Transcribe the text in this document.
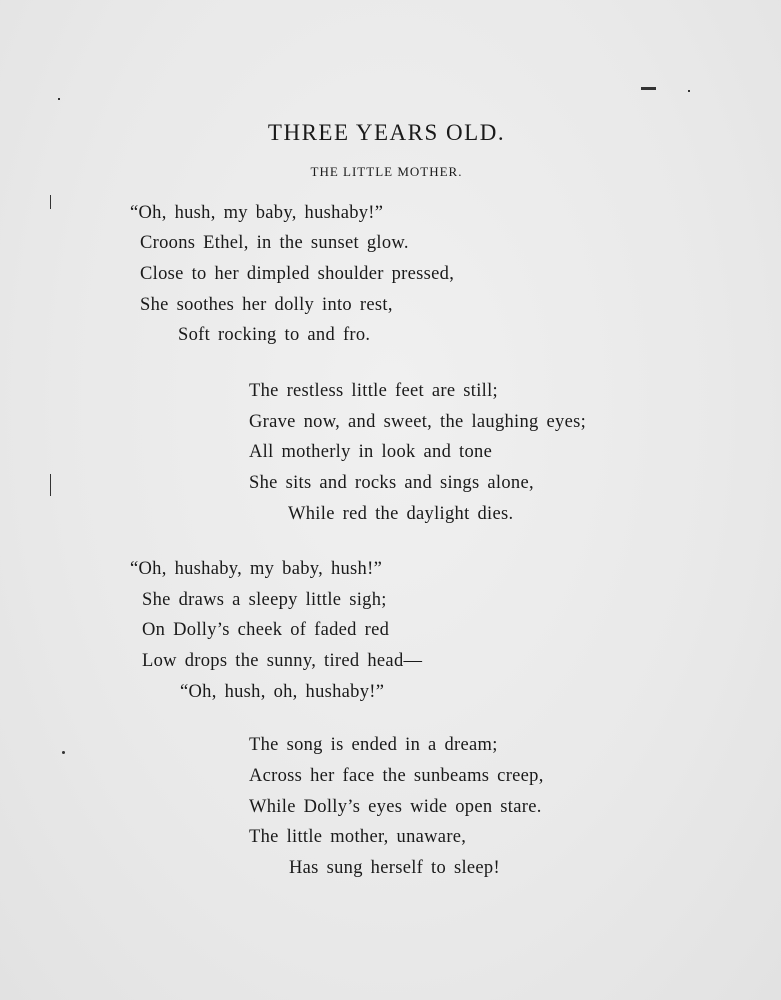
THREE YEARS OLD.
THE LITTLE MOTHER.
“Oh, hush, my baby, hushaby!”
Croons Ethel, in the sunset glow.
Close to her dimpled shoulder pressed,
She soothes her dolly into rest,
Soft rocking to and fro.
The restless little feet are still;
Grave now, and sweet, the laughing eyes;
All motherly in look and tone
She sits and rocks and sings alone,
While red the daylight dies.
“Oh, hushaby, my baby, hush!”
She draws a sleepy little sigh;
On Dolly’s cheek of faded red
Low drops the sunny, tired head—
“Oh, hush, oh, hushaby!”
The song is ended in a dream;
Across her face the sunbeams creep,
While Dolly’s eyes wide open stare.
The little mother, unaware,
Has sung herself to sleep!
